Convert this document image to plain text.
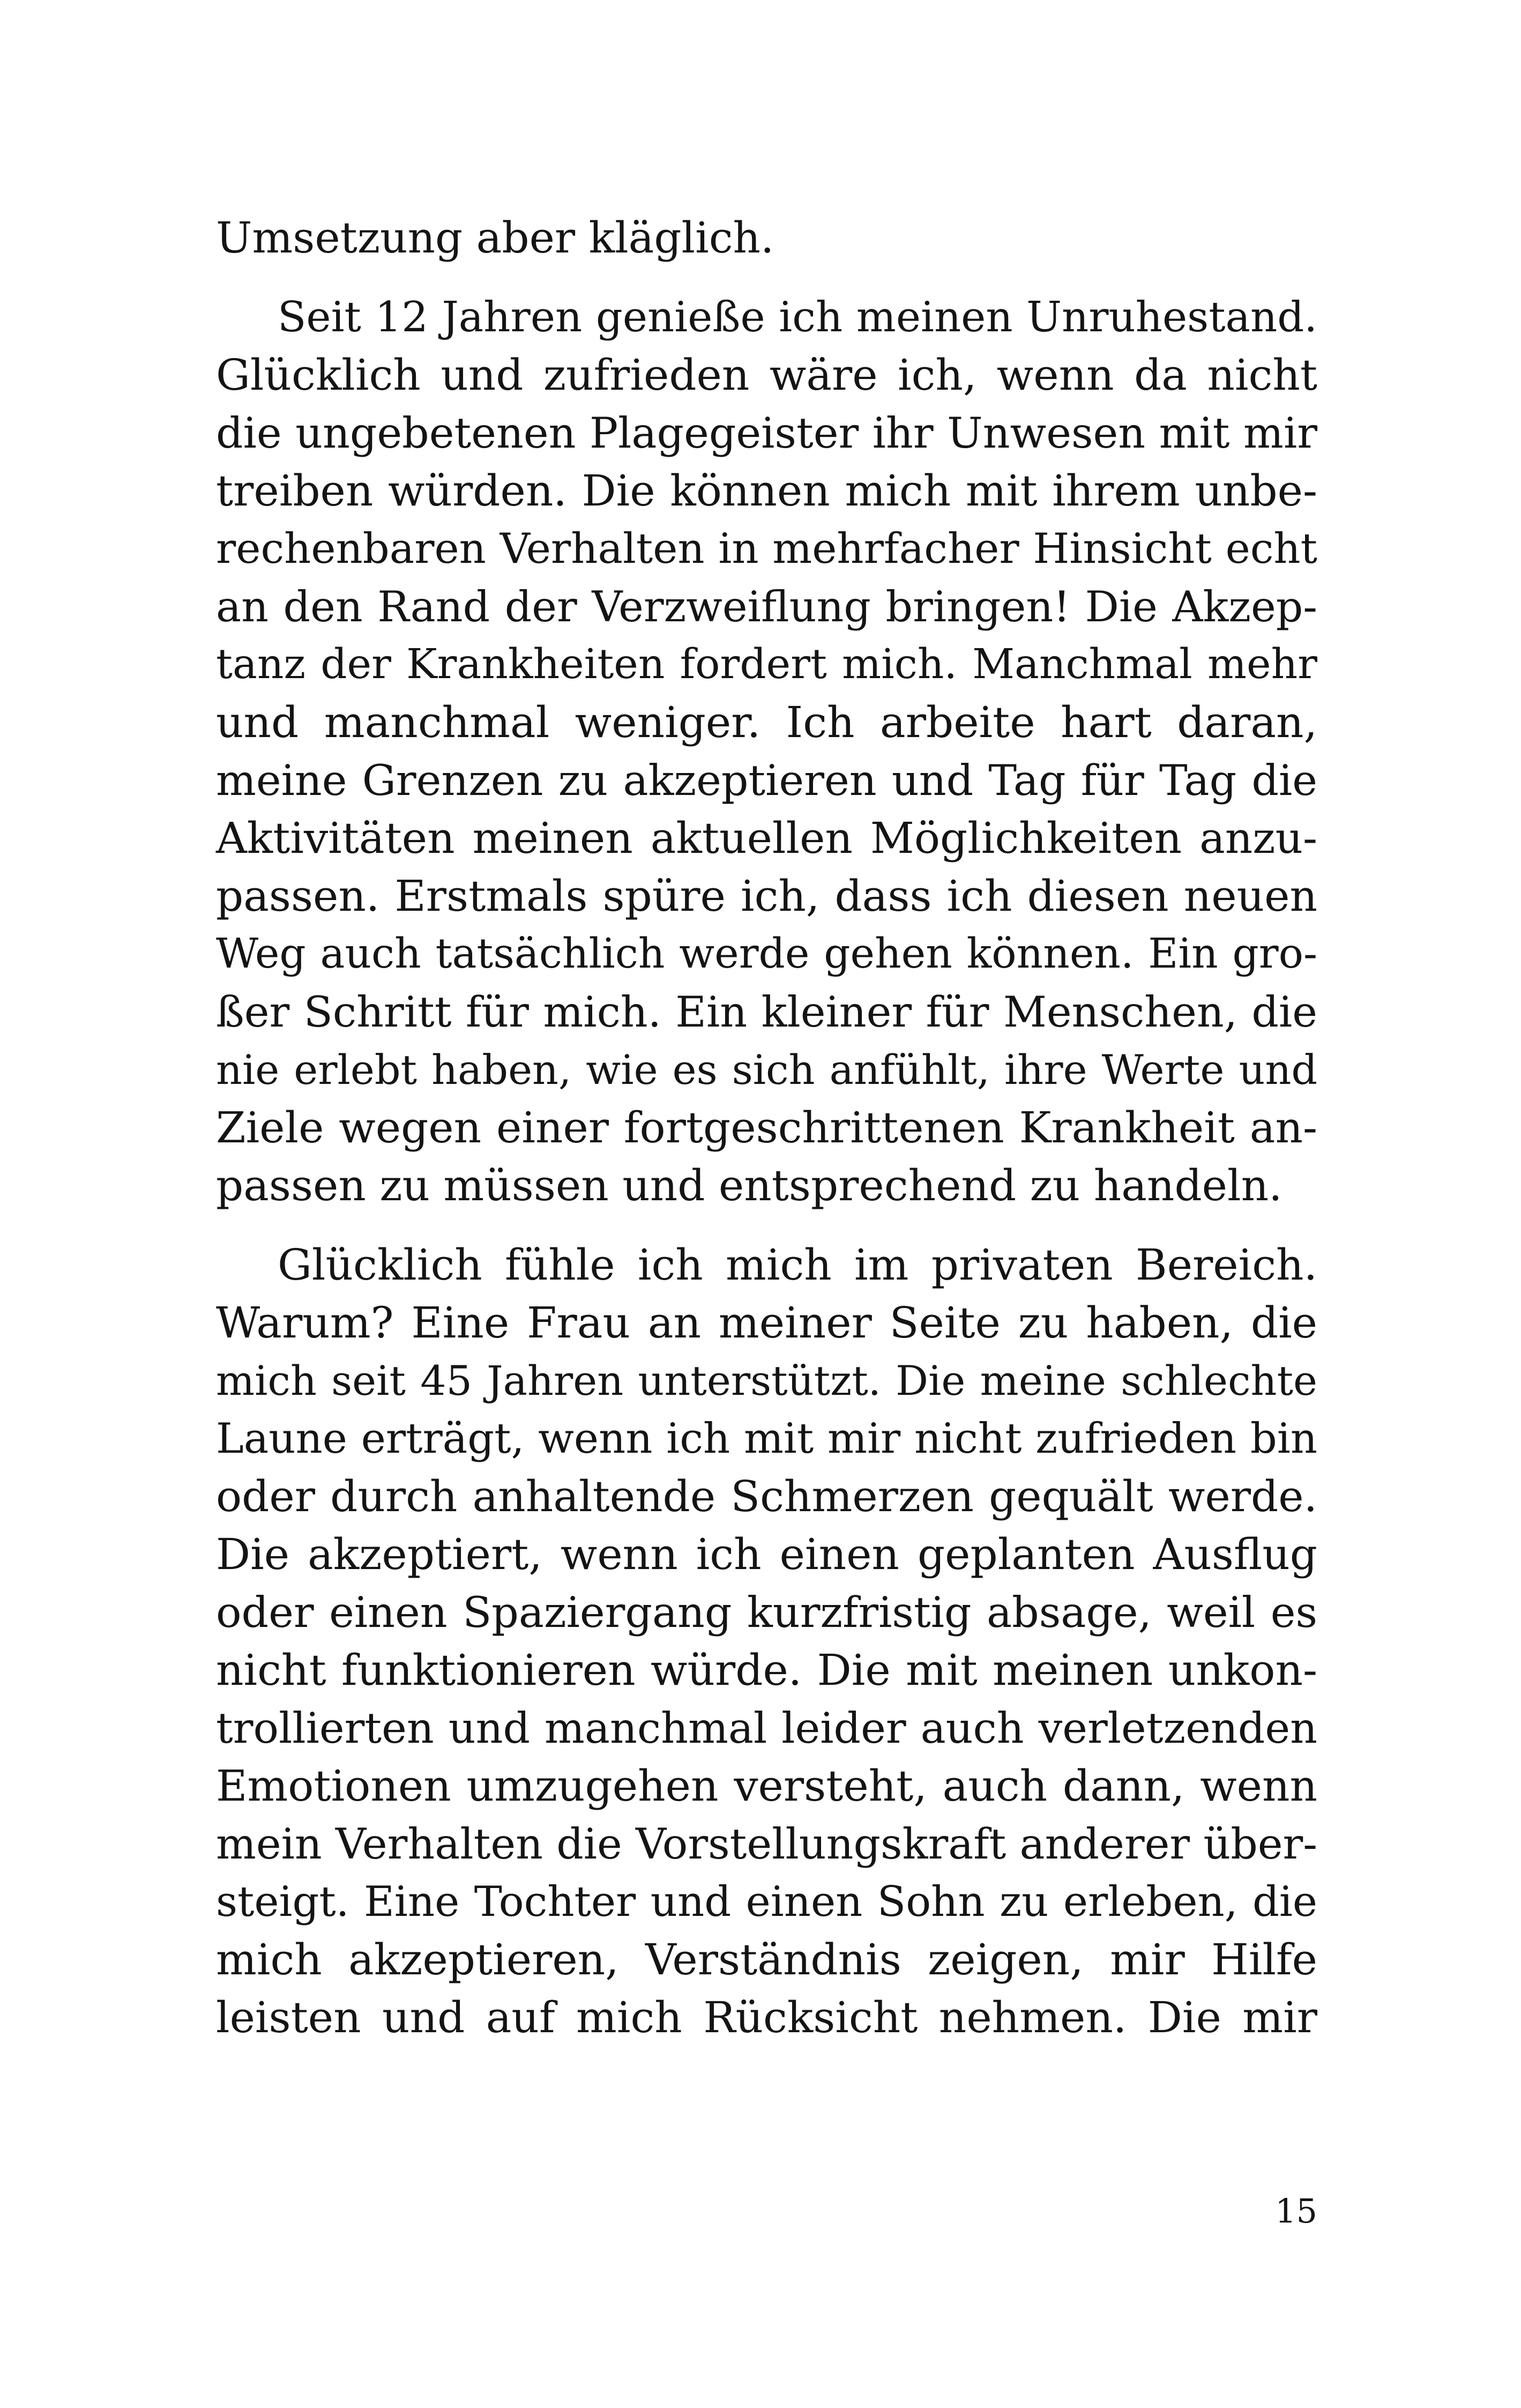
Umsetzung aber kläglich.
Seit 12 Jahren genieße ich meinen Unruhestand.
Glücklich und zufrieden wäre ich, wenn da nicht
die ungebetenen Plagegeister ihr Unwesen mit mir
treiben würden. Die können mich mit ihrem unbe-
rechenbaren Verhalten in mehrfacher Hinsicht echt
an den Rand der Verzweiflung bringen! Die Akzep-
tanz der Krankheiten fordert mich. Manchmal mehr
und manchmal weniger. Ich arbeite hart daran,
meine Grenzen zu akzeptieren und Tag für Tag die
Aktivitäten meinen aktuellen Möglichkeiten anzu-
passen. Erstmals spüre ich, dass ich diesen neuen
Weg auch tatsächlich werde gehen können. Ein gro-
ßer Schritt für mich. Ein kleiner für Menschen, die
nie erlebt haben, wie es sich anfühlt, ihre Werte und
Ziele wegen einer fortgeschrittenen Krankheit an-
passen zu müssen und entsprechend zu handeln.
Glücklich fühle ich mich im privaten Bereich.
Warum? Eine Frau an meiner Seite zu haben, die
mich seit 45 Jahren unterstützt. Die meine schlechte
Laune erträgt, wenn ich mit mir nicht zufrieden bin
oder durch anhaltende Schmerzen gequält werde.
Die akzeptiert, wenn ich einen geplanten Ausflug
oder einen Spaziergang kurzfristig absage, weil es
nicht funktionieren würde. Die mit meinen unkon-
trollierten und manchmal leider auch verletzenden
Emotionen umzugehen versteht, auch dann, wenn
mein Verhalten die Vorstellungskraft anderer über-
steigt. Eine Tochter und einen Sohn zu erleben, die
mich akzeptieren, Verständnis zeigen, mir Hilfe
leisten und auf mich Rücksicht nehmen. Die mir
15
